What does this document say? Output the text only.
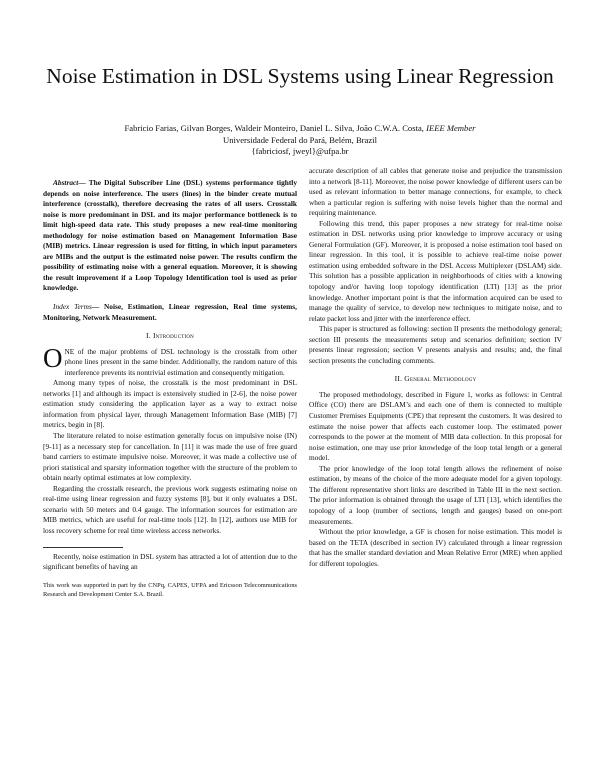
Noise Estimation in DSL Systems using Linear Regression
Fabricio Farias, Gilvan Borges, Waldeir Monteiro, Daniel L. Silva, João C.W.A. Costa, IEEE Member
Universidade Federal do Pará, Belém, Brazil
{fabriciosf, jweyl}@ufpa.br

Abstract— The Digital Subscriber Line (DSL) systems performance tightly depends on noise interference. The users (lines) in the binder create mutual interference (crosstalk), therefore decreasing the rates of all users. Crosstalk noise is more predominant in DSL and its major performance bottleneck is to limit high-speed data rate. This study proposes a new real-time monitoring methodology for noise estimation based on Management Information Base (MIB) metrics. Linear regression is used for fitting, in which input parameters are MIBs and the output is the estimated noise power. The results confirm the possibility of estimating noise with a general equation. Moreover, it is showing the result improvement if a Loop Topology Identification tool is used as prior knowledge.

Index Terms— Noise, Estimation, Linear regression, Real time systems, Monitoring, Network Measurement.

I. Introduction

ONE of the major problems of DSL technology is the crosstalk from other phone lines present in the same binder. Additionally, the random nature of this interference prevents its nontrivial estimation and consequently mitigation.

Among many types of noise, the crosstalk is the most predominant in DSL networks [1] and although its impact is extensively studied in [2-6], the noise power estimation study considering the application layer as a way to extract noise information from physical layer, through Management Information Base (MIB) [7] metrics, begin in [8].

The literature related to noise estimation generally focus on impulsive noise (IN) [9-11] as a necessary step for cancellation. In [11] it was made the use of free guard band carriers to estimate impulsive noise. Moreover, it was made a collective use of priori statistical and sparsity information together with the structure of the problem to obtain nearly optimal estimates at low complexity.

Regarding the crosstalk research, the previous work suggests estimating noise on real-time using linear regression and fuzzy systems [8], but it only evaluates a DSL scenario with 50 meters and 0.4 gauge. The information sources for estimation are MIB metrics, which are useful for real-time tools [12]. In [12], authors use MIB for loss recovery scheme for real time wireless access networks.

Recently, noise estimation in DSL system has attracted a lot of attention due to the significant benefits of having an

This work was supported in part by the CNPq, CAPES, UFPA and Ericsson Telecommunications Research and Development Center S.A. Brazil.

accurate description of all cables that generate noise and prejudice the transmission into a network [8-11]. Moreover, the noise power knowledge of different users can be used as relevant information to better manage connections, for example, to check when a particular region is suffering with noise levels higher than the normal and requiring maintenance.

Following this trend, this paper proposes a new strategy for real-time noise estimation in DSL networks using prior knowledge to improve accuracy or using General Formulation (GF). Moreover, it is proposed a noise estimation tool based on linear regression. In this tool, it is possible to achieve real-time noise power estimation using embedded software in the DSL Access Multiplexer (DSLAM) side. This solution has a possible application in neighborhoods of cities with a knowing topology and/or having loop topology identification (LTI) [13] as the prior knowledge. Another important point is that the information acquired can be used to manage the quality of service, to develop new techniques to mitigate noise, and to relate packet loss and jitter with the interference effect.

This paper is structured as following: section II presents the methodology general; section III presents the measurements setup and scenarios definition; section IV presents linear regression; section V presents analysis and results; and, the final section presents the concluding comments.

II. General Methodology

The proposed methodology, described in Figure 1, works as follows: in Central Office (CO) there are DSLAM’s and each one of them is connected to multiple Customer Premises Equipments (CPE) that represent the customers. It was desired to estimate the noise power that affects each customer loop. The estimated power corresponds to the power at the moment of MIB data collection. In this proposal for noise estimation, one may use prior knowledge of the loop total length or a general model.

The prior knowledge of the loop total length allows the refinement of noise estimation, by means of the choice of the more adequate model for a given topology. The different representative short links are described in Table III in the next section. The prior information is obtained through the usage of LTI [13], which identifies the topology of a loop (number of sections, length and gauges) based on one-port measurements.

Without the prior knowledge, a GF is chosen for noise estimation. This model is based on the TETA (described in section IV) calculated through a linear regression that has the smaller standard deviation and Mean Relative Error (MRE) when applied for different topologies.
